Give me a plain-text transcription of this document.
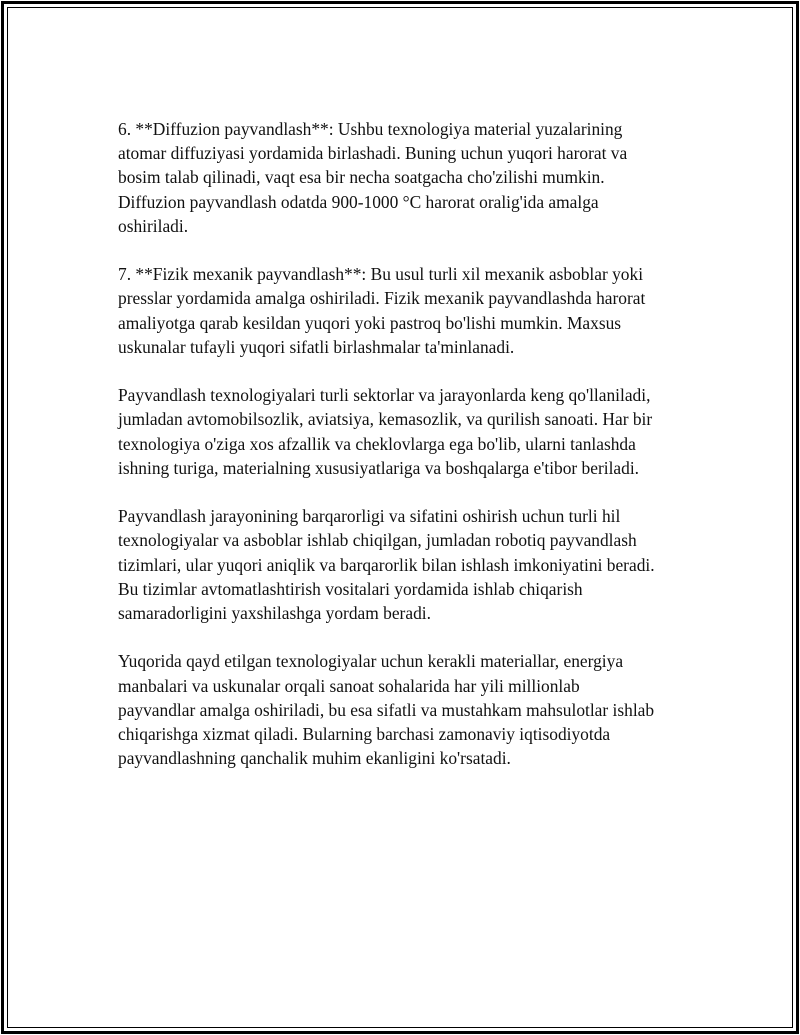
6. **Diffuzion payvandlash**: Ushbu texnologiya material yuzalarining
atomar diffuziyasi yordamida birlashadi. Buning uchun yuqori harorat va
bosim talab qilinadi, vaqt esa bir necha soatgacha cho'zilishi mumkin.
Diffuzion payvandlash odatda 900-1000 °C harorat oralig'ida amalga
oshiriladi.

7. **Fizik mexanik payvandlash**: Bu usul turli xil mexanik asboblar yoki
presslar yordamida amalga oshiriladi. Fizik mexanik payvandlashda harorat
amaliyotga qarab kesildan yuqori yoki pastroq bo'lishi mumkin. Maxsus
uskunalar tufayli yuqori sifatli birlashmalar ta'minlanadi.

Payvandlash texnologiyalari turli sektorlar va jarayonlarda keng qo'llaniladi,
jumladan avtomobilsozlik, aviatsiya, kemasozlik, va qurilish sanoati. Har bir
texnologiya o'ziga xos afzallik va cheklovlarga ega bo'lib, ularni tanlashda
ishning turiga, materialning xususiyatlariga va boshqalarga e'tibor beriladi.

Payvandlash jarayonining barqarorligi va sifatini oshirish uchun turli hil
texnologiyalar va asboblar ishlab chiqilgan, jumladan robotiq payvandlash
tizimlari, ular yuqori aniqlik va barqarorlik bilan ishlash imkoniyatini beradi.
Bu tizimlar avtomatlashtirish vositalari yordamida ishlab chiqarish
samaradorligini yaxshilashga yordam beradi.

Yuqorida qayd etilgan texnologiyalar uchun kerakli materiallar, energiya
manbalari va uskunalar orqali sanoat sohalarida har yili millionlab
payvandlar amalga oshiriladi, bu esa sifatli va mustahkam mahsulotlar ishlab
chiqarishga xizmat qiladi. Bularning barchasi zamonaviy iqtisodiyotda
payvandlashning qanchalik muhim ekanligini ko'rsatadi.
